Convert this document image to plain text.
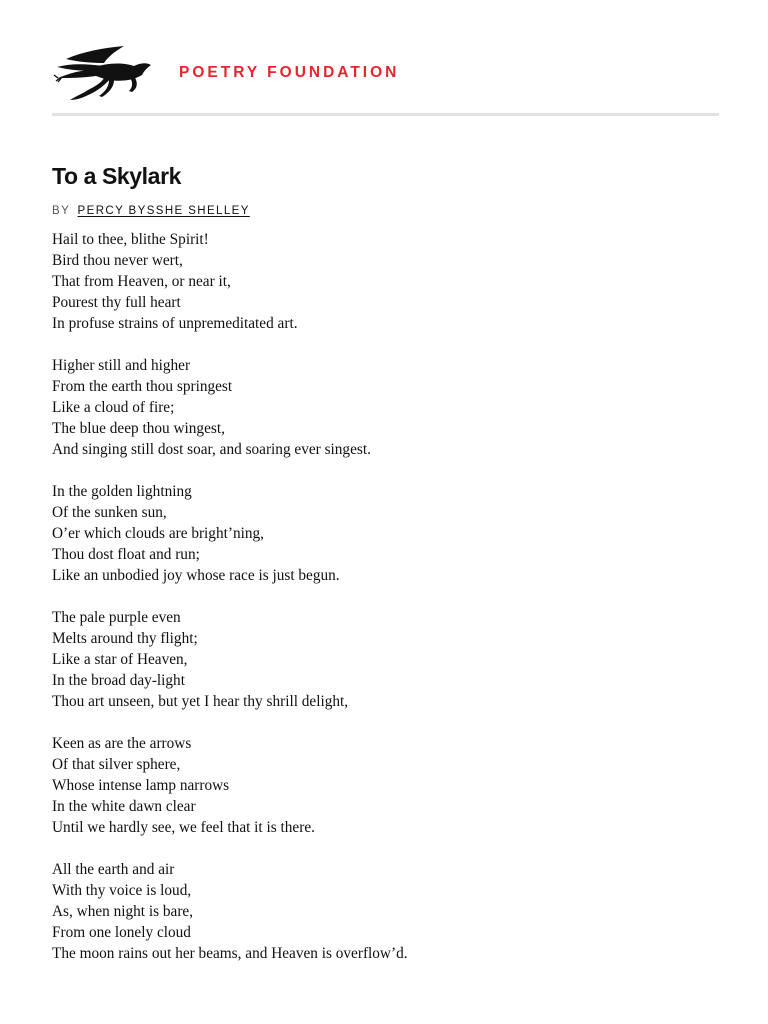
POETRY FOUNDATION
To a Skylark
BY PERCY BYSSHE SHELLEY
Hail to thee, blithe Spirit!
Bird thou never wert,
That from Heaven, or near it,
Pourest thy full heart
In profuse strains of unpremeditated art.
Higher still and higher
From the earth thou springest
Like a cloud of fire;
The blue deep thou wingest,
And singing still dost soar, and soaring ever singest.
In the golden lightning
Of the sunken sun,
O’er which clouds are bright’ning,
Thou dost float and run;
Like an unbodied joy whose race is just begun.
The pale purple even
Melts around thy flight;
Like a star of Heaven,
In the broad day-light
Thou art unseen, but yet I hear thy shrill delight,
Keen as are the arrows
Of that silver sphere,
Whose intense lamp narrows
In the white dawn clear
Until we hardly see, we feel that it is there.
All the earth and air
With thy voice is loud,
As, when night is bare,
From one lonely cloud
The moon rains out her beams, and Heaven is overflow’d.
